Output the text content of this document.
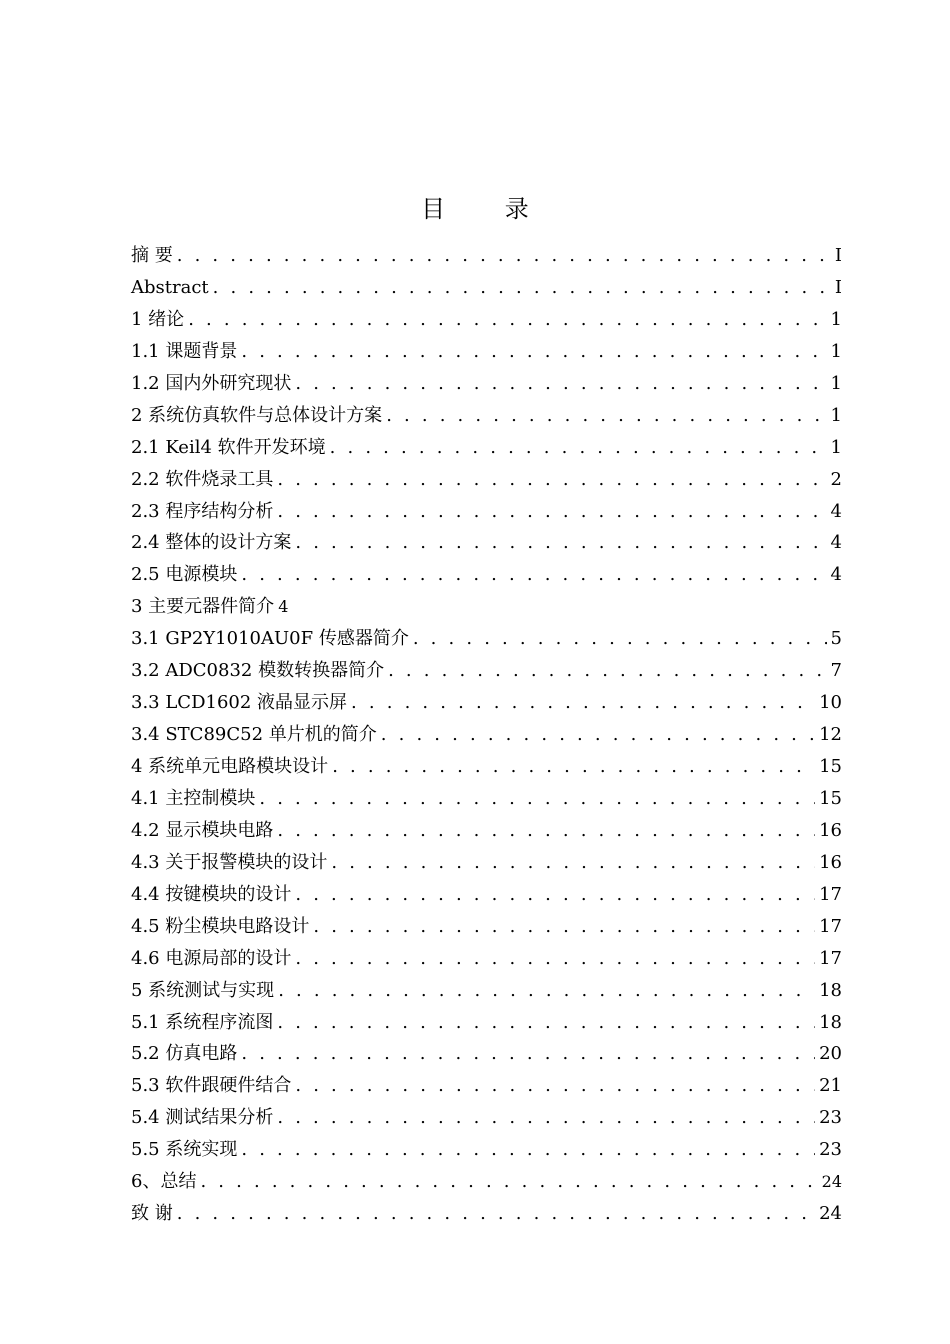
目 录
摘 要 . . .	I
Abstract . . .	I
1 绪论 . . .	1
1.1 课题背景 . . .	1
1.2 国内外研究现状 . . .	1
2 系统仿真软件与总体设计方案 . . .	1
2.1 Keil4 软件开发环境 . . .	1
2.2 软件烧录工具 . . .	2
2.3 程序结构分析 . . .	4
2.4 整体的设计方案 . . .	4
2.5 电源模块 . . .	4
3 主要元器件简介 4
3.1 GP2Y1010AU0F 传感器简介 . . .	5
3.2 ADC0832 模数转换器简介 . . .	7
3.3 LCD1602 液晶显示屏 . . .	10
3.4 STC89C52 单片机的简介 . . .	12
4 系统单元电路模块设计 . . .	15
4.1 主控制模块 . . .	15
4.2 显示模块电路 . . .	16
4.3 关于报警模块的设计 . . .	16
4.4 按键模块的设计 . . .	17
4.5 粉尘模块电路设计 . . .	17
4.6 电源局部的设计 . . .	17
5 系统测试与实现 . . .	18
5.1 系统程序流图 . . .	18
5.2 仿真电路 . . .	20
5.3 软件跟硬件结合 . . .	21
5.4 测试结果分析 . . .	23
5.5 系统实现 . . .	23
6、总结 . . .	24
致 谢 . . .	24
